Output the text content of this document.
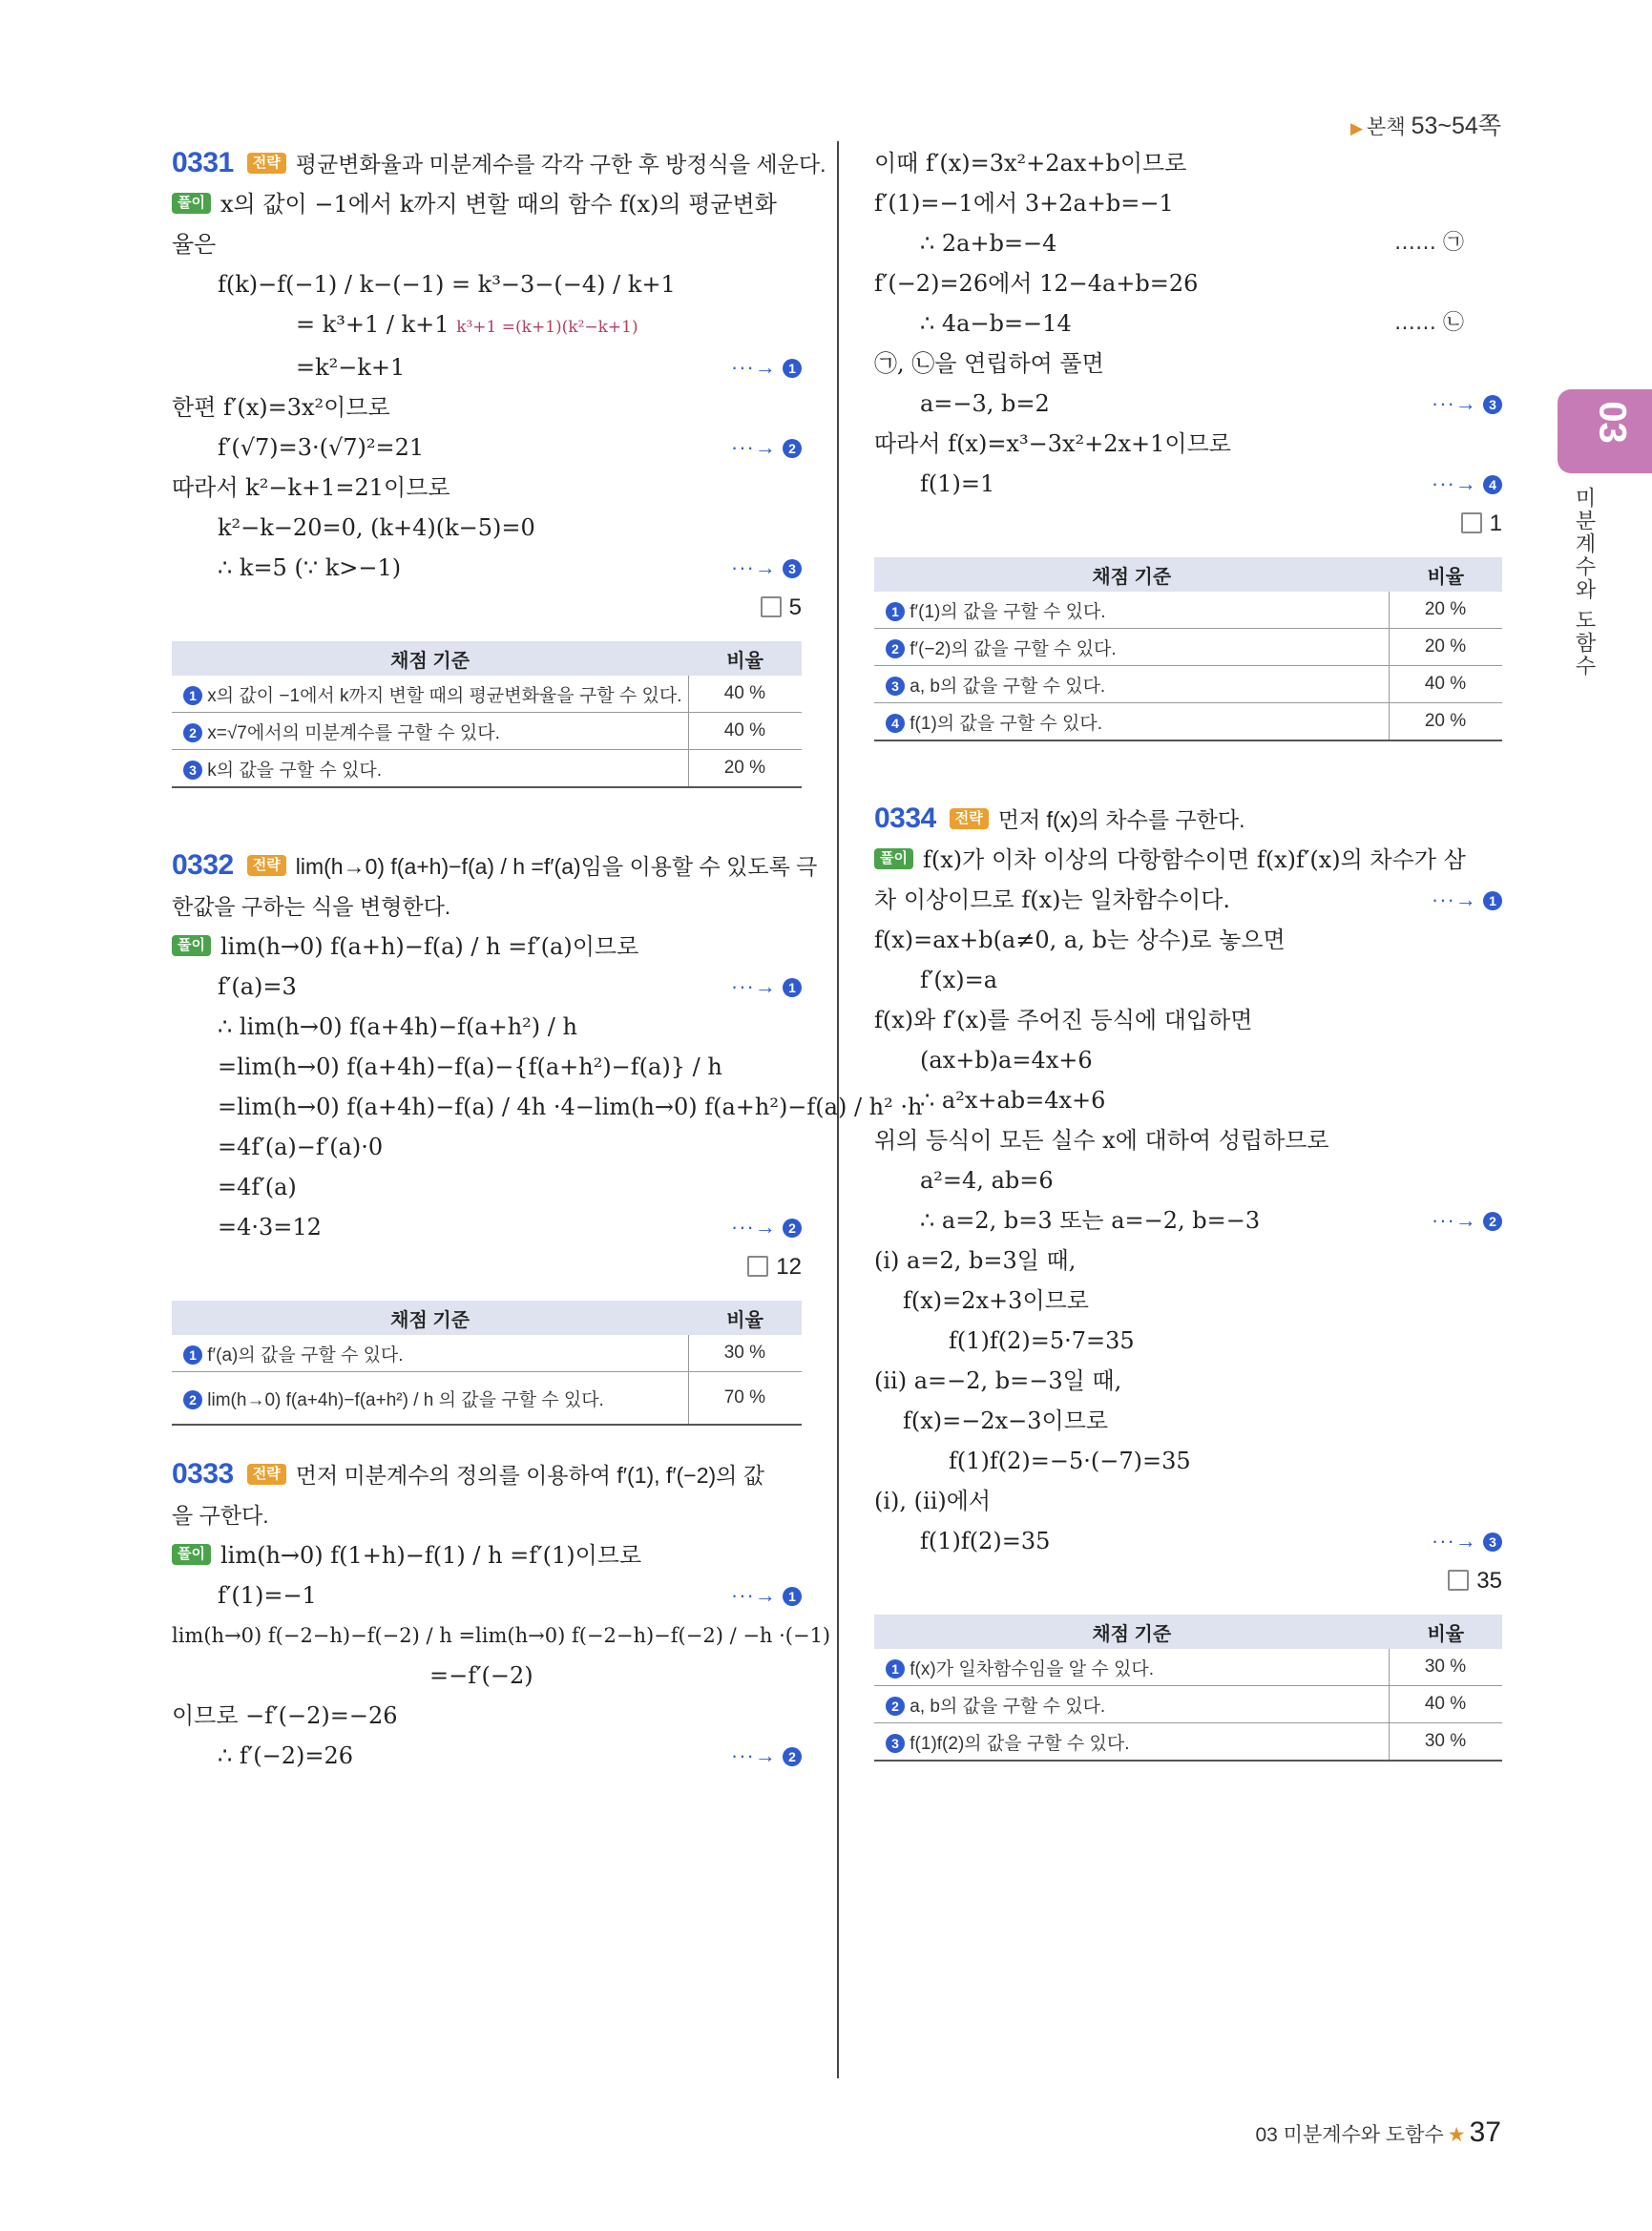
▶ 본책 53~54쪽
0331 전략 평균변화율과 미분계수를 각각 구한 후 방정식을 세운다.
풀이 x의 값이 −1에서 k까지 변할 때의 함수 f(x)의 평균변화
율은
f(k)−f(−1) / k−(−1) = k³−3−(−4) / k+1
= k³+1 / k+1 k³+1 =(k+1)(k²−k+1)
=k²−k+1	···→ 1
한편 f′(x)=3x²이므로
f′(√7)=3·(√7)²=21	···→ 2
따라서 k²−k+1=21이므로
k²−k−20=0, (k+4)(k−5)=0
∴ k=5 (∵ k>−1)	···→ 3
5
채점 기준	비율
1 x의 값이 −1에서 k까지 변할 때의 평균변화율을 구할 수 있다.	40 %
2 x=√7에서의 미분계수를 구할 수 있다.	40 %
3 k의 값을 구할 수 있다.	20 %
0332 전략 lim(h→0) f(a+h)−f(a) / h =f′(a)임을 이용할 수 있도록 극
한값을 구하는 식을 변형한다.
풀이 lim(h→0) f(a+h)−f(a) / h =f′(a)이므로
f′(a)=3	···→ 1
∴ lim(h→0) f(a+4h)−f(a+h²) / h
=lim(h→0) f(a+4h)−f(a)−{f(a+h²)−f(a)} / h
=lim(h→0) f(a+4h)−f(a) / 4h ·4−lim(h→0) f(a+h²)−f(a) / h² ·h
=4f′(a)−f′(a)·0
=4f′(a)
=4·3=12	···→ 2
12
채점 기준	비율
1 f′(a)의 값을 구할 수 있다.	30 %
2 lim(h→0) f(a+4h)−f(a+h²) / h 의 값을 구할 수 있다.	70 %
0333 전략 먼저 미분계수의 정의를 이용하여 f′(1), f′(−2)의 값
을 구한다.
풀이 lim(h→0) f(1+h)−f(1) / h =f′(1)이므로
f′(1)=−1	···→ 1
lim(h→0) f(−2−h)−f(−2) / h =lim(h→0) f(−2−h)−f(−2) / −h ·(−1)
=−f′(−2)
이므로 −f′(−2)=−26
∴ f′(−2)=26	···→ 2
이때 f′(x)=3x²+2ax+b이므로
f′(1)=−1에서 3+2a+b=−1
∴ 2a+b=−4	…… ㉠
f′(−2)=26에서 12−4a+b=26
∴ 4a−b=−14	…… ㉡
㉠, ㉡을 연립하여 풀면
a=−3, b=2	···→ 3
따라서 f(x)=x³−3x²+2x+1이므로
f(1)=1	···→ 4
1
채점 기준	비율
1 f′(1)의 값을 구할 수 있다.	20 %
2 f′(−2)의 값을 구할 수 있다.	20 %
3 a, b의 값을 구할 수 있다.	40 %
4 f(1)의 값을 구할 수 있다.	20 %
0334 전략 먼저 f(x)의 차수를 구한다.
풀이 f(x)가 이차 이상의 다항함수이면 f(x)f′(x)의 차수가 삼
차 이상이므로 f(x)는 일차함수이다.	···→ 1
f(x)=ax+b(a≠0, a, b는 상수)로 놓으면
f′(x)=a
f(x)와 f′(x)를 주어진 등식에 대입하면
(ax+b)a=4x+6
∴ a²x+ab=4x+6
위의 등식이 모든 실수 x에 대하여 성립하므로
a²=4, ab=6
∴ a=2, b=3 또는 a=−2, b=−3	···→ 2
(i) a=2, b=3일 때,
f(x)=2x+3이므로
f(1)f(2)=5·7=35
(ii) a=−2, b=−3일 때,
f(x)=−2x−3이므로
f(1)f(2)=−5·(−7)=35
(i), (ii)에서
f(1)f(2)=35	···→ 3
35
채점 기준	비율
1 f(x)가 일차함수임을 알 수 있다.	30 %
2 a, b의 값을 구할 수 있다.	40 %
3 f(1)f(2)의 값을 구할 수 있다.	30 %
03
미분계수와 도함수
03 미분계수와 도함수 ★ 37
